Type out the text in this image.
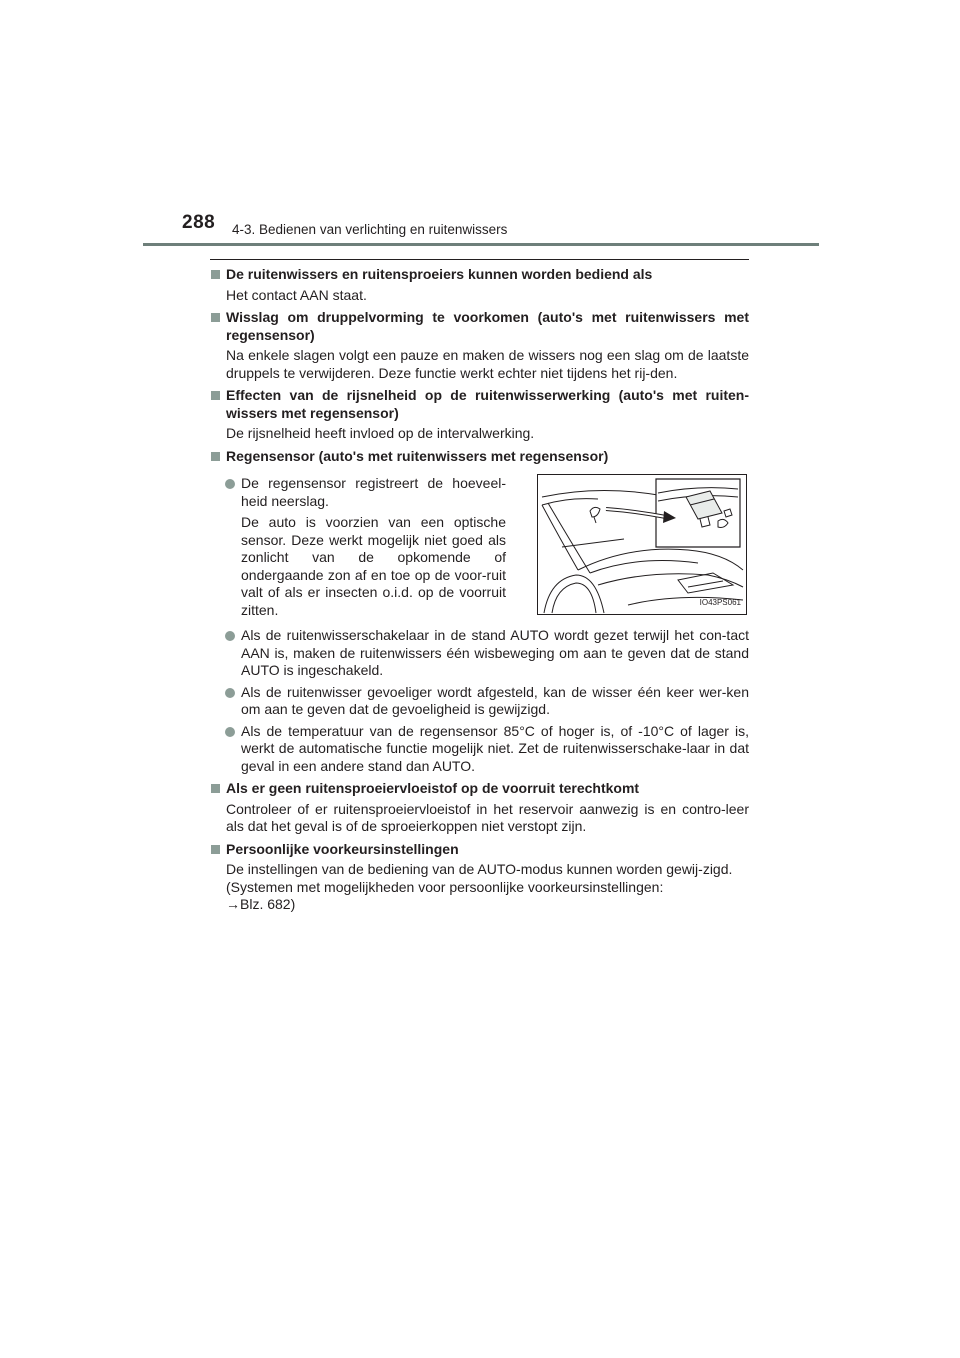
288 4-3. Bedienen van verlichting en ruitenwissers
De ruitenwissers en ruitensproeiers kunnen worden bediend als
Het contact AAN staat.
Wisslag om druppelvorming te voorkomen (auto's met ruitenwissers met regensensor)
Na enkele slagen volgt een pauze en maken de wissers nog een slag om de laatste druppels te verwijderen. Deze functie werkt echter niet tijdens het rij-den.
Effecten van de rijsnelheid op de ruitenwisserwerking (auto's met ruiten-wissers met regensensor)
De rijsnelheid heeft invloed op de intervalwerking.
Regensensor (auto's met ruitenwissers met regensensor)
De regensensor registreert de hoeveel-heid neerslag.
De auto is voorzien van een optische sensor. Deze werkt mogelijk niet goed als zonlicht van de opkomende of ondergaande zon af en toe op de voor-ruit valt of als er insecten o.i.d. op de voorruit zitten.	IO43PS061
Als de ruitenwisserschakelaar in de stand AUTO wordt gezet terwijl het con-tact AAN is, maken de ruitenwissers één wisbeweging om aan te geven dat de stand AUTO is ingeschakeld.
Als de ruitenwisser gevoeliger wordt afgesteld, kan de wisser één keer wer-ken om aan te geven dat de gevoeligheid is gewijzigd.
Als de temperatuur van de regensensor 85°C of hoger is, of -10°C of lager is, werkt de automatische functie mogelijk niet. Zet de ruitenwisserschake-laar in dat geval in een andere stand dan AUTO.
Als er geen ruitensproeiervloeistof op de voorruit terechtkomt
Controleer of er ruitensproeiervloeistof in het reservoir aanwezig is en contro-leer als dat het geval is of de sproeierkoppen niet verstopt zijn.
Persoonlijke voorkeursinstellingen
De instellingen van de bediening van de AUTO-modus kunnen worden gewij-zigd.
(Systemen met mogelijkheden voor persoonlijke voorkeursinstellingen:
→Blz. 682)
